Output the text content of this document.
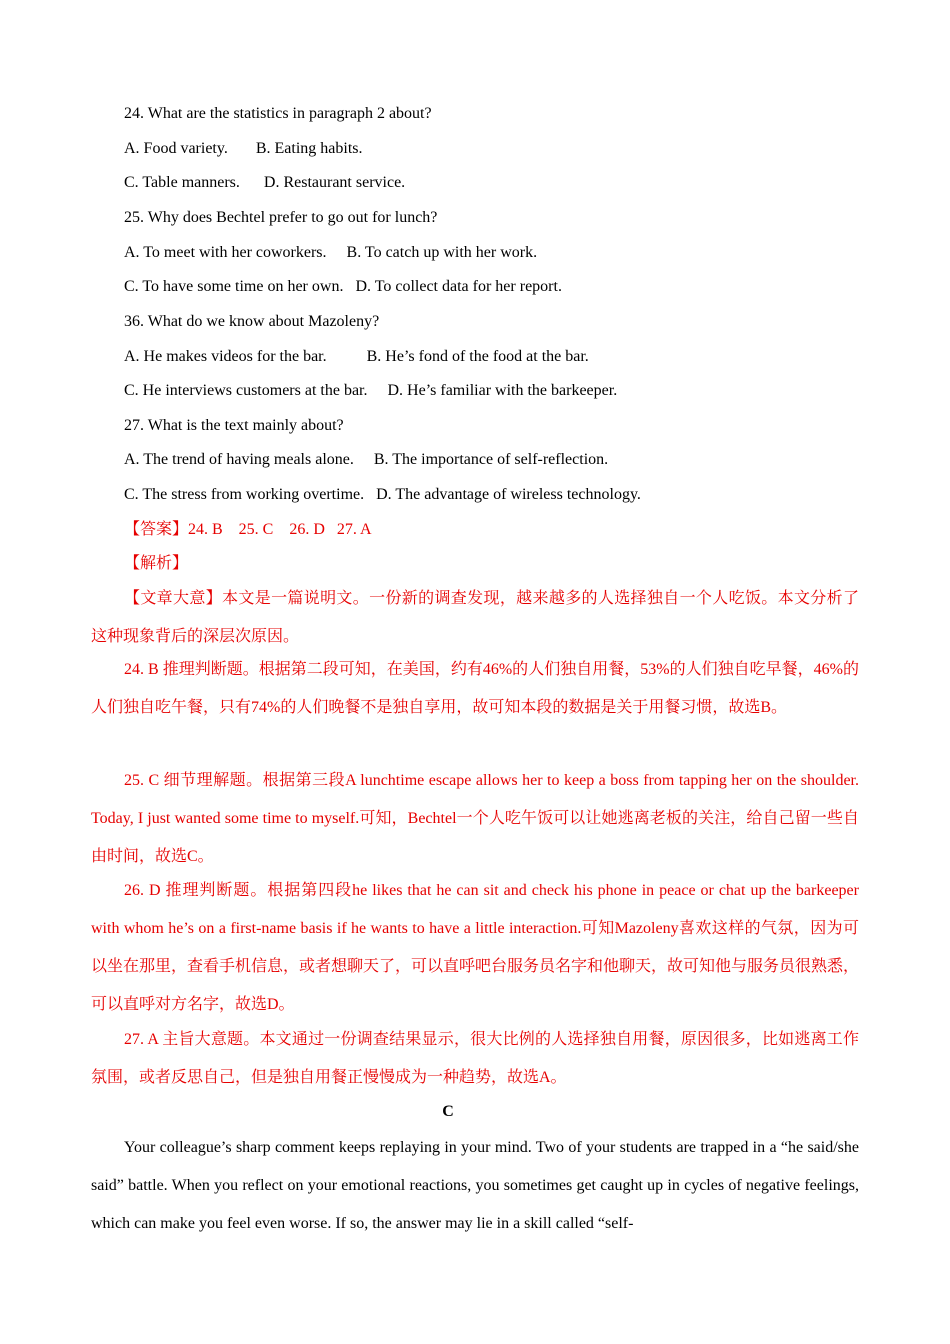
24. What are the statistics in paragraph 2 about?
A. Food variety.       B. Eating habits.
C. Table manners.      D. Restaurant service.
25. Why does Bechtel prefer to go out for lunch?
A. To meet with her coworkers.     B. To catch up with her work.
C. To have some time on her own.   D. To collect data for her report.
36. What do we know about Mazoleny?
A. He makes videos for the bar.          B. He’s fond of the food at the bar.
C. He interviews customers at the bar.     D. He’s familiar with the barkeeper.
27. What is the text mainly about?
A. The trend of having meals alone.     B. The importance of self-reflection.
C. The stress from working overtime.   D. The advantage of wireless technology.
【答案】24. B    25. C    26. D   27. A
【解析】
【文章大意】本文是一篇说明文。一份新的调查发现，越来越多的人选择独自一个人吃饭。本文分析了这种现象背后的深层次原因。
24. B 推理判断题。根据第二段可知，在美国，约有46%的人们独自用餐，53%的人们独自吃早餐，46%的人们独自吃午餐，只有74%的人们晚餐不是独自享用，故可知本段的数据是关于用餐习惯，故选B。
25. C 细节理解题。根据第三段A lunchtime escape allows her to keep a boss from tapping her on the shoulder. Today, I just wanted some time to myself.可知，Bechtel一个人吃午饭可以让她逃离老板的关注，给自己留一些自由时间，故选C。
26. D 推理判断题。根据第四段he likes that he can sit and check his phone in peace or chat up the barkeeper with whom he’s on a first-name basis if he wants to have a little interaction.可知Mazoleny喜欢这样的气氛，因为可以坐在那里，查看手机信息，或者想聊天了，可以直呼吧台服务员名字和他聊天，故可知他与服务员很熟悉，可以直呼对方名字，故选D。
27. A 主旨大意题。本文通过一份调查结果显示，很大比例的人选择独自用餐，原因很多，比如逃离工作氛围，或者反思自己，但是独自用餐正慢慢成为一种趋势，故选A。
C
Your colleague’s sharp comment keeps replaying in your mind. Two of your students are trapped in a “he said/she said” battle. When you reflect on your emotional reactions, you sometimes get caught up in cycles of negative feelings, which can make you feel even worse. If so, the answer may lie in a skill called “self-
